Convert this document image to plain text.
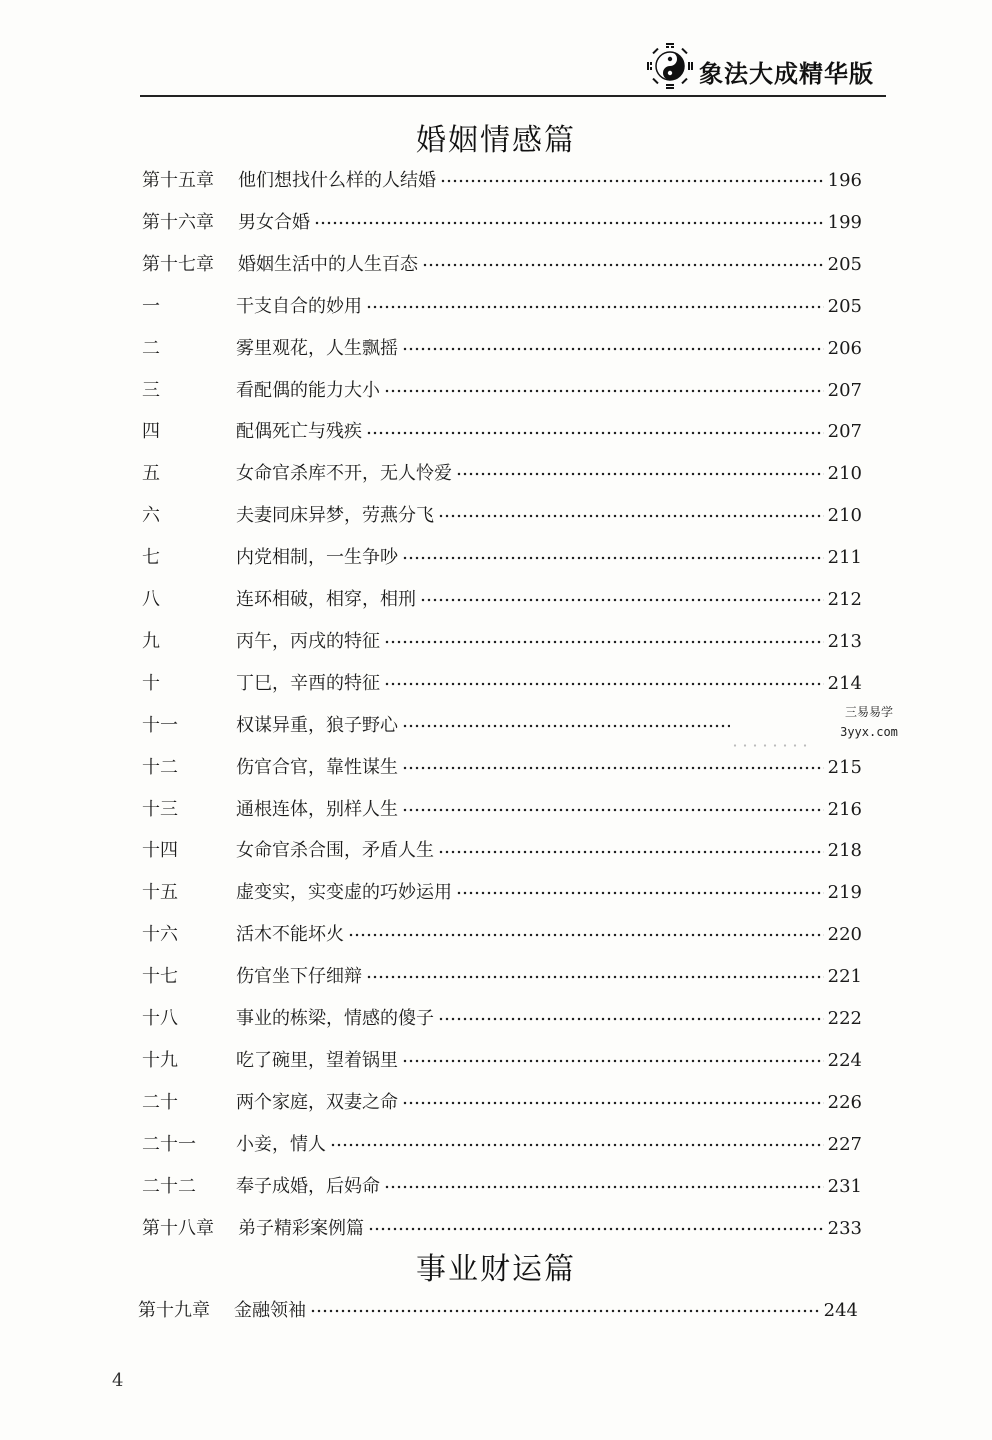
象法大成精华版
婚姻情感篇
第十五章	他们想找什么样的人结婚	196
第十六章	男女合婚	199
第十七章	婚姻生活中的人生百态	205
一	干支自合的妙用	205
二	雾里观花，人生飘摇	206
三	看配偶的能力大小	207
四	配偶死亡与残疾	207
五	女命官杀库不开，无人怜爱	210
六	夫妻同床异梦，劳燕分飞	210
七	内党相制，一生争吵	211
八	连环相破，相穿，相刑	212
九	丙午，丙戌的特征	213
十	丁巳，辛酉的特征	214
十一	权谋异重，狼子野心
十二	伤官合官，靠性谋生	215
十三	通根连体，别样人生	216
十四	女命官杀合围，矛盾人生	218
十五	虚变实，实变虚的巧妙运用	219
十六	活木不能坏火	220
十七	伤官坐下仔细辩	221
十八	事业的栋梁，情感的傻子	222
十九	吃了碗里，望着锅里	224
二十	两个家庭，双妻之命	226
二十一	小妾，情人	227
二十二	奉子成婚，后妈命	231
第十八章	弟子精彩案例篇	233
事业财运篇
第十九章	金融领袖	244
三易易学
3yyx.com
4
